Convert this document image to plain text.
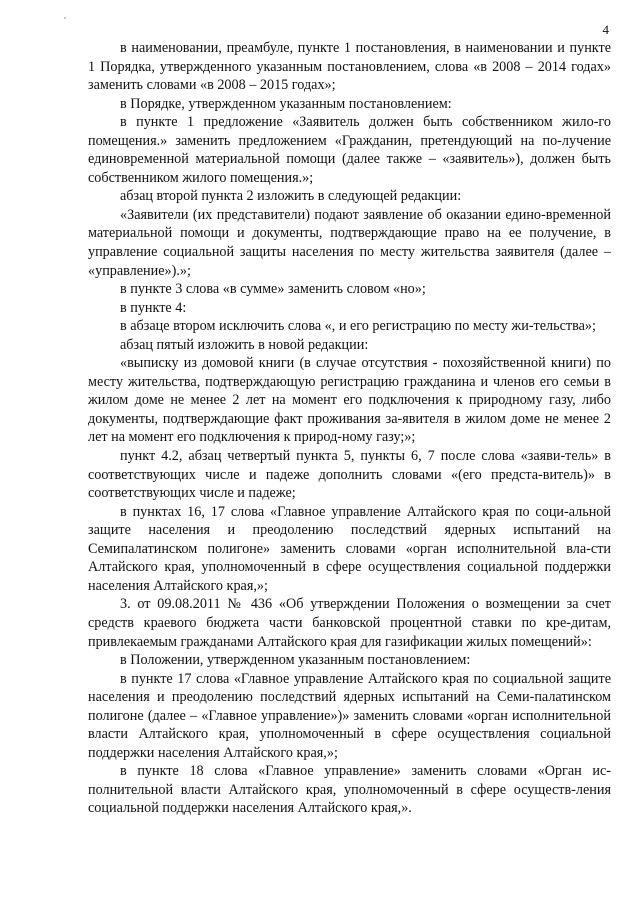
4

в наименовании, преамбуле, пункте 1 постановления, в наименовании и пункте 1 Порядка, утвержденного указанным постановлением, слова «в 2008 – 2014 годах» заменить словами «в 2008 – 2015 годах»;

в Порядке, утвержденном указанным постановлением:

в пункте 1 предложение «Заявитель должен быть собственником жило-го помещения.» заменить предложением «Гражданин, претендующий на по-лучение единовременной материальной помощи (далее также – «заявитель»), должен быть собственником жилого помещения.»;

абзац второй пункта 2 изложить в следующей редакции:

«Заявители (их представители) подают заявление об оказании едино-временной материальной помощи и документы, подтверждающие право на ее получение, в управление социальной защиты населения по месту жительства заявителя (далее – «управление»).»;

в пункте 3 слова «в сумме» заменить словом «но»;

в пункте 4:

в абзаце втором исключить слова «, и его регистрацию по месту жи-тельства»;

абзац пятый изложить в новой редакции:

«выписку из домовой книги (в случае отсутствия - похозяйственной книги) по месту жительства, подтверждающую регистрацию гражданина и членов его семьи в жилом доме не менее 2 лет на момент его подключения к природному газу, либо документы, подтверждающие факт проживания за-явителя в жилом доме не менее 2 лет на момент его подключения к природ-ному газу;»;

пункт 4.2, абзац четвертый пункта 5, пункты 6, 7 после слова «заяви-тель» в соответствующих числе и падеже дополнить словами «(его предста-витель)» в соответствующих числе и падеже;

в пунктах 16, 17 слова «Главное управление Алтайского края по соци-альной защите населения и преодолению последствий ядерных испытаний на Семипалатинском полигоне» заменить словами «орган исполнительной вла-сти Алтайского края, уполномоченный в сфере осуществления социальной поддержки населения Алтайского края,»;

3. от 09.08.2011 № 436 «Об утверждении Положения о возмещении за счет средств краевого бюджета части банковской процентной ставки по кре-дитам, привлекаемым гражданами Алтайского края для газификации жилых помещений»:

в Положении, утвержденном указанным постановлением:

в пункте 17 слова «Главное управление Алтайского края по социальной защите населения и преодолению последствий ядерных испытаний на Семи-палатинском полигоне (далее – «Главное управление»)» заменить словами «орган исполнительной власти Алтайского края, уполномоченный в сфере осуществления социальной поддержки населения Алтайского края,»;

в пункте 18 слова «Главное управление» заменить словами «Орган ис-полнительной власти Алтайского края, уполномоченный в сфере осуществ-ления социальной поддержки населения Алтайского края,».
